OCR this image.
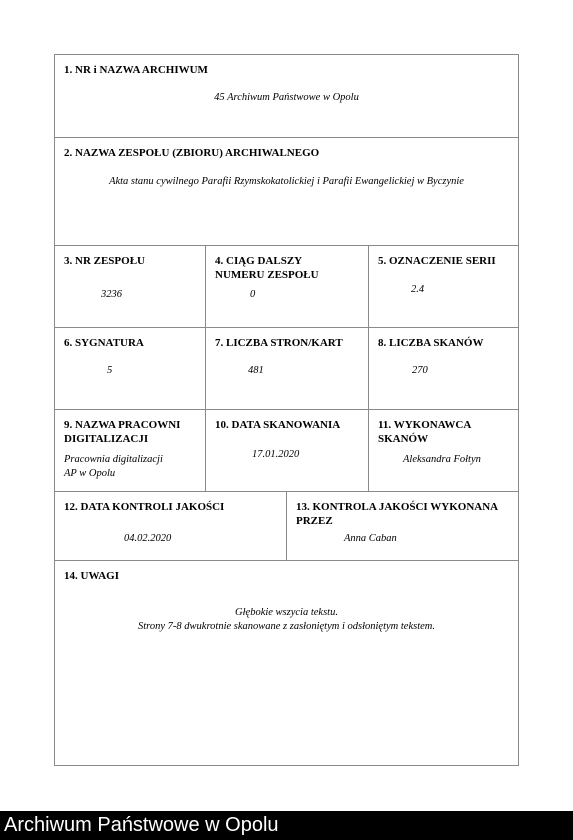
1. NR i NAZWA ARCHIWUM
45 Archiwum Państwowe w Opolu
2. NAZWA ZESPOŁU (ZBIORU) ARCHIWALNEGO
Akta stanu cywilnego Parafii Rzymskokatolickiej i Parafii Ewangelickiej w Byczynie
3. NR ZESPOŁU
3236
4. CIĄG DALSZY
NUMERU ZESPOŁU
0
5. OZNACZENIE SERII
2.4
6. SYGNATURA
5
7. LICZBA STRON/KART
481
8. LICZBA SKANÓW
270
9. NAZWA PRACOWNI
DIGITALIZACJI
Pracownia digitalizacji
AP w Opolu
10. DATA SKANOWANIA
17.01.2020
11. WYKONAWCA
SKANÓW
Aleksandra Fołtyn
12. DATA KONTROLI JAKOŚCI
04.02.2020
13. KONTROLA JAKOŚCI WYKONANA
PRZEZ
Anna Caban
14. UWAGI
Głębokie wszycia tekstu.
Strony 7-8 dwukrotnie skanowane z zasłoniętym i odsłoniętym tekstem.
Archiwum Państwowe w Opolu
